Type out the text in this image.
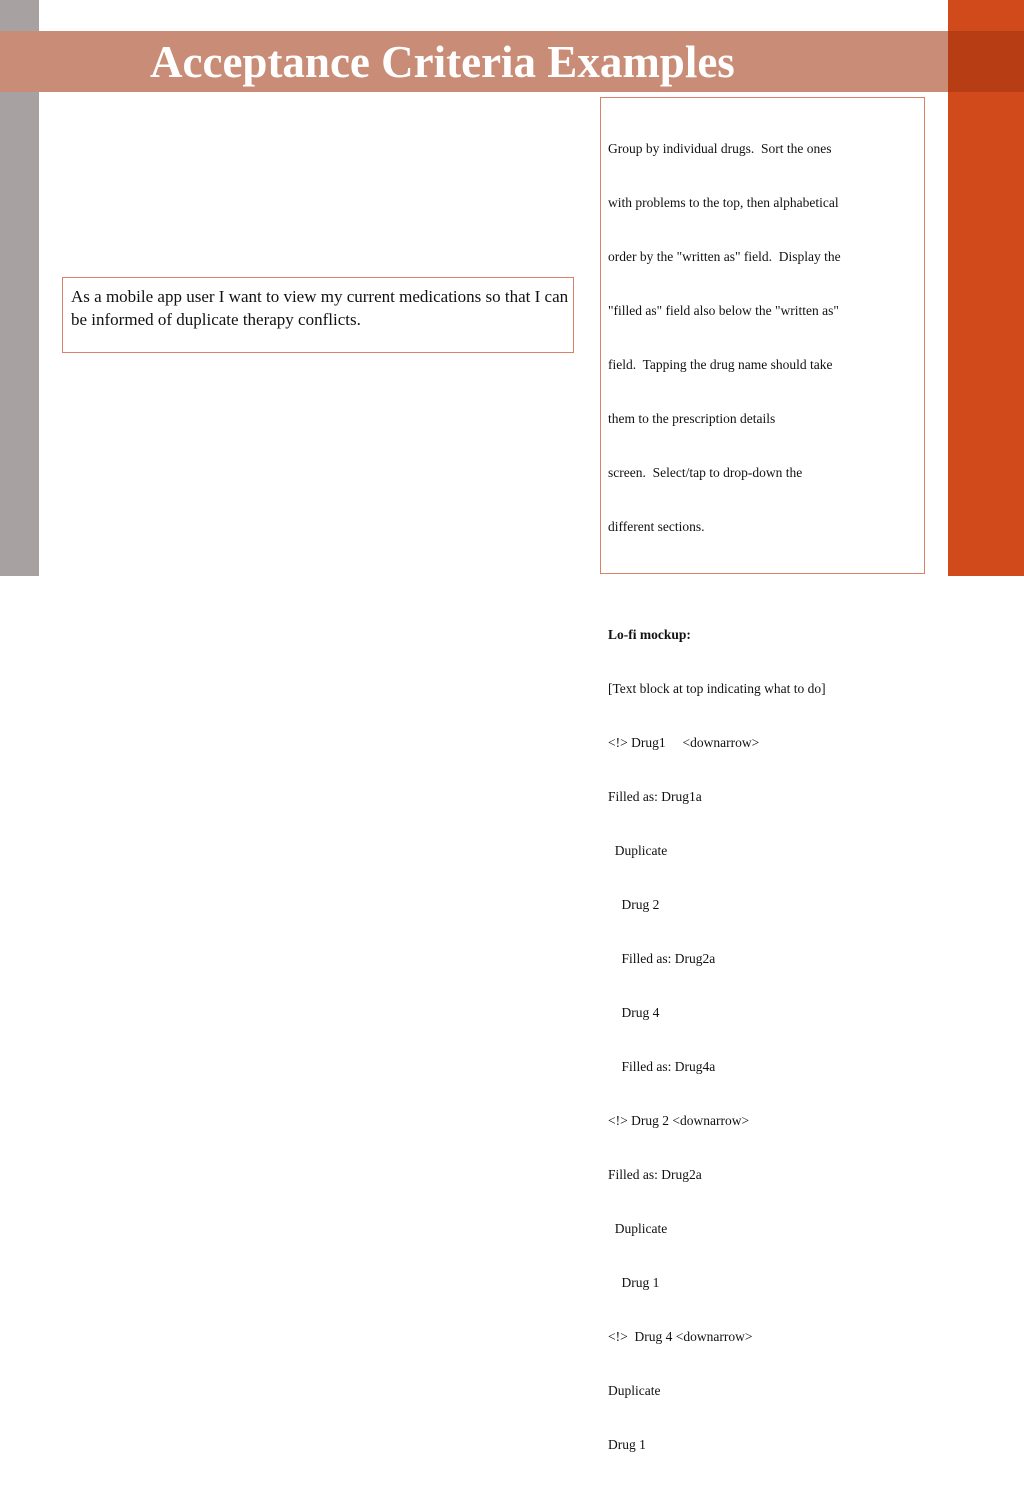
Acceptance Criteria Examples
As a mobile app user I want to view my current medications so that I can be informed of duplicate therapy conflicts.

Group by individual drugs.  Sort the ones

with problems to the top, then alphabetical

order by the "written as" field.  Display the

"filled as" field also below the "written as"

field.  Tapping the drug name should take

them to the prescription details

screen.  Select/tap to drop-down the

different sections.

Lo-fi mockup:

[Text block at top indicating what to do]

<!> Drug1     <downarrow>

Filled as: Drug1a

Duplicate

Drug 2

Filled as: Drug2a

Drug 4

Filled as: Drug4a

<!> Drug 2 <downarrow>

Filled as: Drug2a

Duplicate

Drug 1

<!>  Drug 4 <downarrow>

Duplicate

Drug 1
